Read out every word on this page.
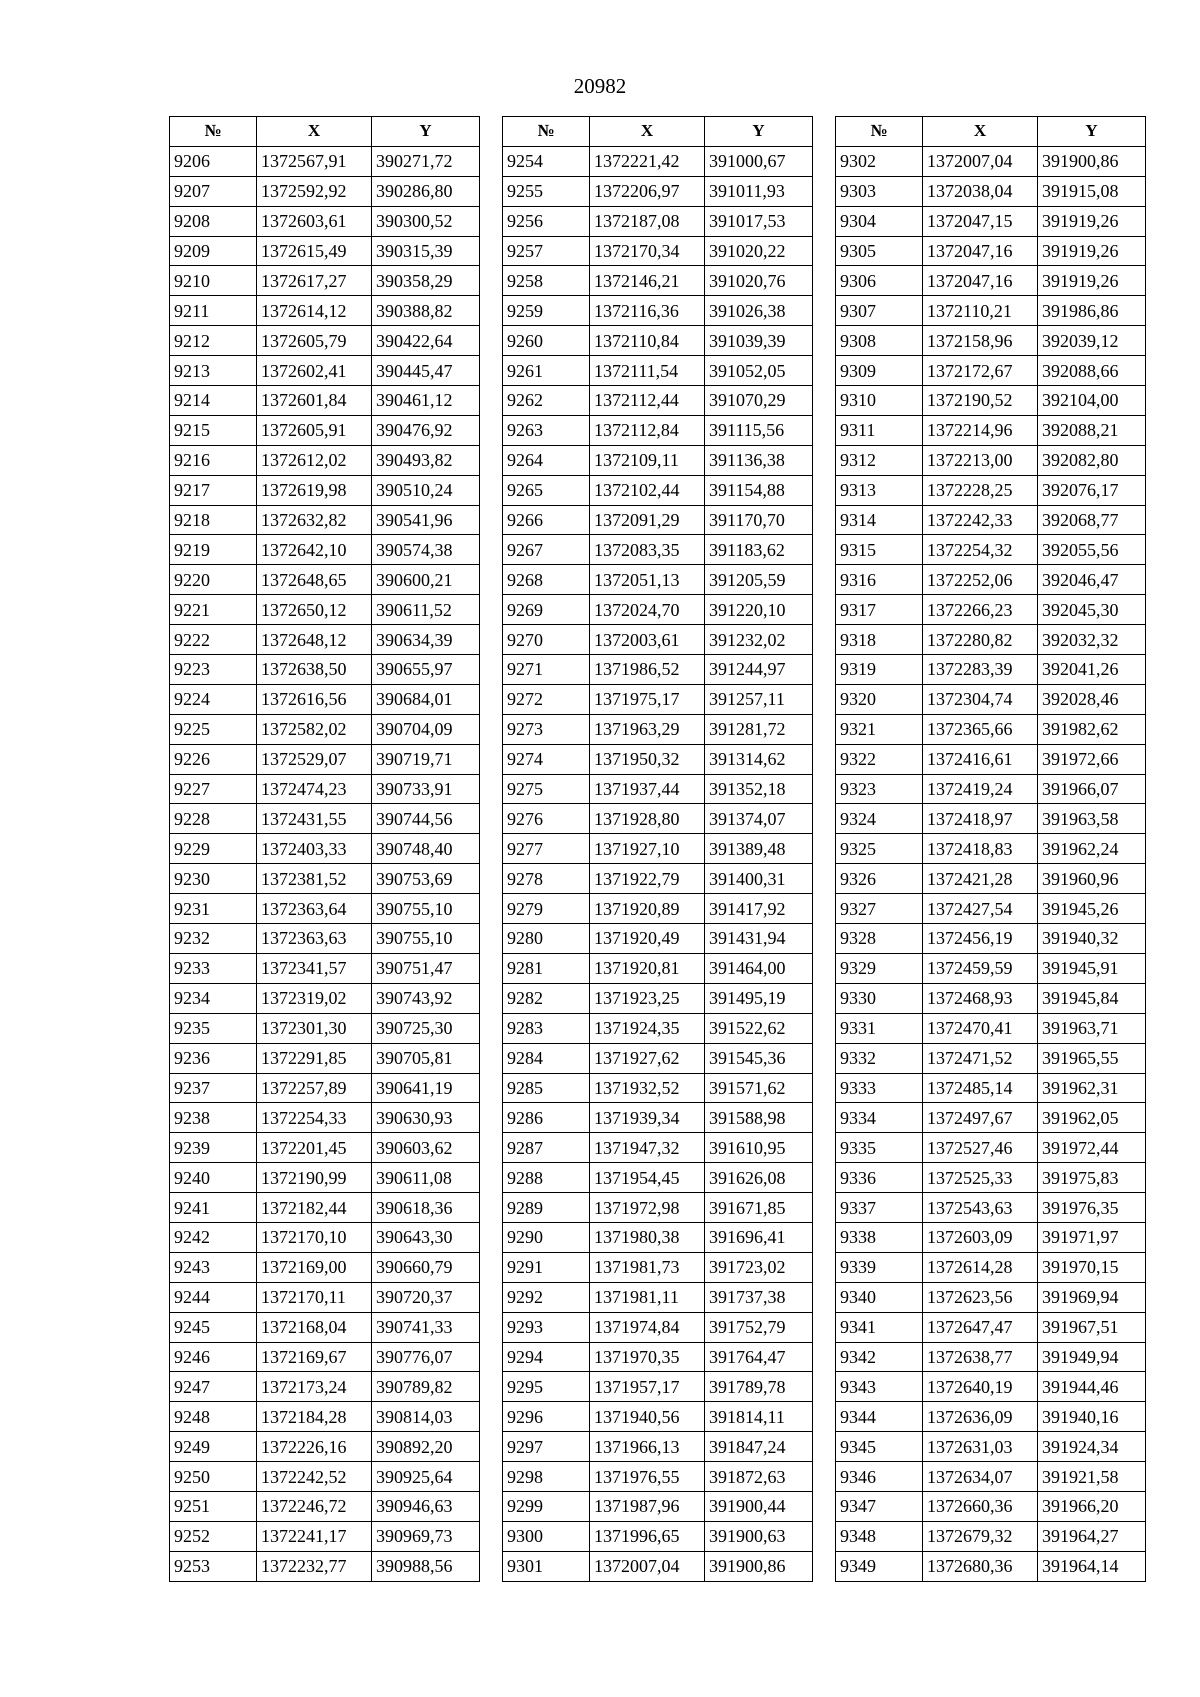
20982
№	X	Y
9206	1372567,91	390271,72
9207	1372592,92	390286,80
9208	1372603,61	390300,52
9209	1372615,49	390315,39
9210	1372617,27	390358,29
9211	1372614,12	390388,82
9212	1372605,79	390422,64
9213	1372602,41	390445,47
9214	1372601,84	390461,12
9215	1372605,91	390476,92
9216	1372612,02	390493,82
9217	1372619,98	390510,24
9218	1372632,82	390541,96
9219	1372642,10	390574,38
9220	1372648,65	390600,21
9221	1372650,12	390611,52
9222	1372648,12	390634,39
9223	1372638,50	390655,97
9224	1372616,56	390684,01
9225	1372582,02	390704,09
9226	1372529,07	390719,71
9227	1372474,23	390733,91
9228	1372431,55	390744,56
9229	1372403,33	390748,40
9230	1372381,52	390753,69
9231	1372363,64	390755,10
9232	1372363,63	390755,10
9233	1372341,57	390751,47
9234	1372319,02	390743,92
9235	1372301,30	390725,30
9236	1372291,85	390705,81
9237	1372257,89	390641,19
9238	1372254,33	390630,93
9239	1372201,45	390603,62
9240	1372190,99	390611,08
9241	1372182,44	390618,36
9242	1372170,10	390643,30
9243	1372169,00	390660,79
9244	1372170,11	390720,37
9245	1372168,04	390741,33
9246	1372169,67	390776,07
9247	1372173,24	390789,82
9248	1372184,28	390814,03
9249	1372226,16	390892,20
9250	1372242,52	390925,64
9251	1372246,72	390946,63
9252	1372241,17	390969,73
9253	1372232,77	390988,56
№	X	Y
9254	1372221,42	391000,67
9255	1372206,97	391011,93
9256	1372187,08	391017,53
9257	1372170,34	391020,22
9258	1372146,21	391020,76
9259	1372116,36	391026,38
9260	1372110,84	391039,39
9261	1372111,54	391052,05
9262	1372112,44	391070,29
9263	1372112,84	391115,56
9264	1372109,11	391136,38
9265	1372102,44	391154,88
9266	1372091,29	391170,70
9267	1372083,35	391183,62
9268	1372051,13	391205,59
9269	1372024,70	391220,10
9270	1372003,61	391232,02
9271	1371986,52	391244,97
9272	1371975,17	391257,11
9273	1371963,29	391281,72
9274	1371950,32	391314,62
9275	1371937,44	391352,18
9276	1371928,80	391374,07
9277	1371927,10	391389,48
9278	1371922,79	391400,31
9279	1371920,89	391417,92
9280	1371920,49	391431,94
9281	1371920,81	391464,00
9282	1371923,25	391495,19
9283	1371924,35	391522,62
9284	1371927,62	391545,36
9285	1371932,52	391571,62
9286	1371939,34	391588,98
9287	1371947,32	391610,95
9288	1371954,45	391626,08
9289	1371972,98	391671,85
9290	1371980,38	391696,41
9291	1371981,73	391723,02
9292	1371981,11	391737,38
9293	1371974,84	391752,79
9294	1371970,35	391764,47
9295	1371957,17	391789,78
9296	1371940,56	391814,11
9297	1371966,13	391847,24
9298	1371976,55	391872,63
9299	1371987,96	391900,44
9300	1371996,65	391900,63
9301	1372007,04	391900,86
№	X	Y
9302	1372007,04	391900,86
9303	1372038,04	391915,08
9304	1372047,15	391919,26
9305	1372047,16	391919,26
9306	1372047,16	391919,26
9307	1372110,21	391986,86
9308	1372158,96	392039,12
9309	1372172,67	392088,66
9310	1372190,52	392104,00
9311	1372214,96	392088,21
9312	1372213,00	392082,80
9313	1372228,25	392076,17
9314	1372242,33	392068,77
9315	1372254,32	392055,56
9316	1372252,06	392046,47
9317	1372266,23	392045,30
9318	1372280,82	392032,32
9319	1372283,39	392041,26
9320	1372304,74	392028,46
9321	1372365,66	391982,62
9322	1372416,61	391972,66
9323	1372419,24	391966,07
9324	1372418,97	391963,58
9325	1372418,83	391962,24
9326	1372421,28	391960,96
9327	1372427,54	391945,26
9328	1372456,19	391940,32
9329	1372459,59	391945,91
9330	1372468,93	391945,84
9331	1372470,41	391963,71
9332	1372471,52	391965,55
9333	1372485,14	391962,31
9334	1372497,67	391962,05
9335	1372527,46	391972,44
9336	1372525,33	391975,83
9337	1372543,63	391976,35
9338	1372603,09	391971,97
9339	1372614,28	391970,15
9340	1372623,56	391969,94
9341	1372647,47	391967,51
9342	1372638,77	391949,94
9343	1372640,19	391944,46
9344	1372636,09	391940,16
9345	1372631,03	391924,34
9346	1372634,07	391921,58
9347	1372660,36	391966,20
9348	1372679,32	391964,27
9349	1372680,36	391964,14
